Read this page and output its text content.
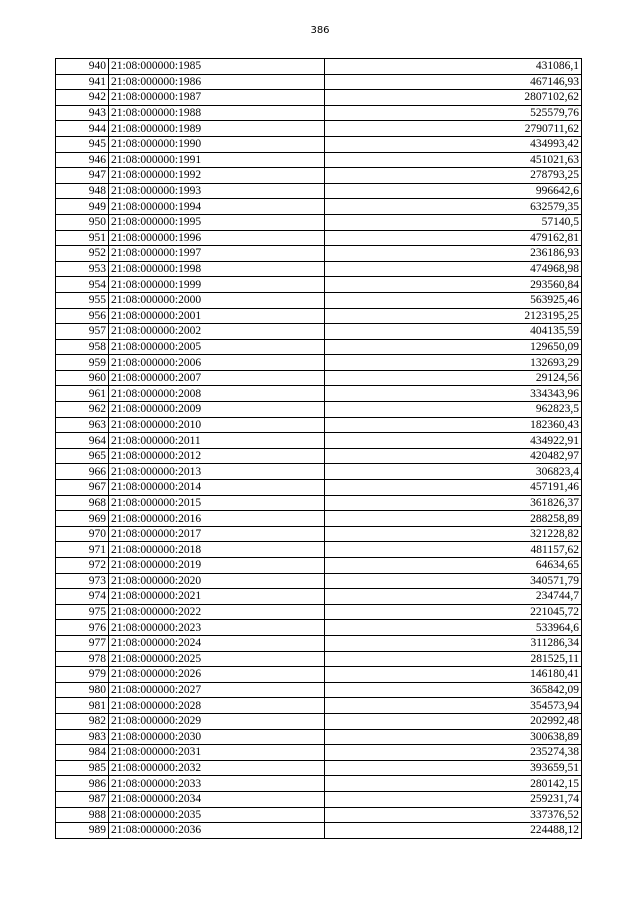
386
940	21:08:000000:1985	431086,1
941	21:08:000000:1986	467146,93
942	21:08:000000:1987	2807102,62
943	21:08:000000:1988	525579,76
944	21:08:000000:1989	2790711,62
945	21:08:000000:1990	434993,42
946	21:08:000000:1991	451021,63
947	21:08:000000:1992	278793,25
948	21:08:000000:1993	996642,6
949	21:08:000000:1994	632579,35
950	21:08:000000:1995	57140,5
951	21:08:000000:1996	479162,81
952	21:08:000000:1997	236186,93
953	21:08:000000:1998	474968,98
954	21:08:000000:1999	293560,84
955	21:08:000000:2000	563925,46
956	21:08:000000:2001	2123195,25
957	21:08:000000:2002	404135,59
958	21:08:000000:2005	129650,09
959	21:08:000000:2006	132693,29
960	21:08:000000:2007	29124,56
961	21:08:000000:2008	334343,96
962	21:08:000000:2009	962823,5
963	21:08:000000:2010	182360,43
964	21:08:000000:2011	434922,91
965	21:08:000000:2012	420482,97
966	21:08:000000:2013	306823,4
967	21:08:000000:2014	457191,46
968	21:08:000000:2015	361826,37
969	21:08:000000:2016	288258,89
970	21:08:000000:2017	321228,82
971	21:08:000000:2018	481157,62
972	21:08:000000:2019	64634,65
973	21:08:000000:2020	340571,79
974	21:08:000000:2021	234744,7
975	21:08:000000:2022	221045,72
976	21:08:000000:2023	533964,6
977	21:08:000000:2024	311286,34
978	21:08:000000:2025	281525,11
979	21:08:000000:2026	146180,41
980	21:08:000000:2027	365842,09
981	21:08:000000:2028	354573,94
982	21:08:000000:2029	202992,48
983	21:08:000000:2030	300638,89
984	21:08:000000:2031	235274,38
985	21:08:000000:2032	393659,51
986	21:08:000000:2033	280142,15
987	21:08:000000:2034	259231,74
988	21:08:000000:2035	337376,52
989	21:08:000000:2036	224488,12
